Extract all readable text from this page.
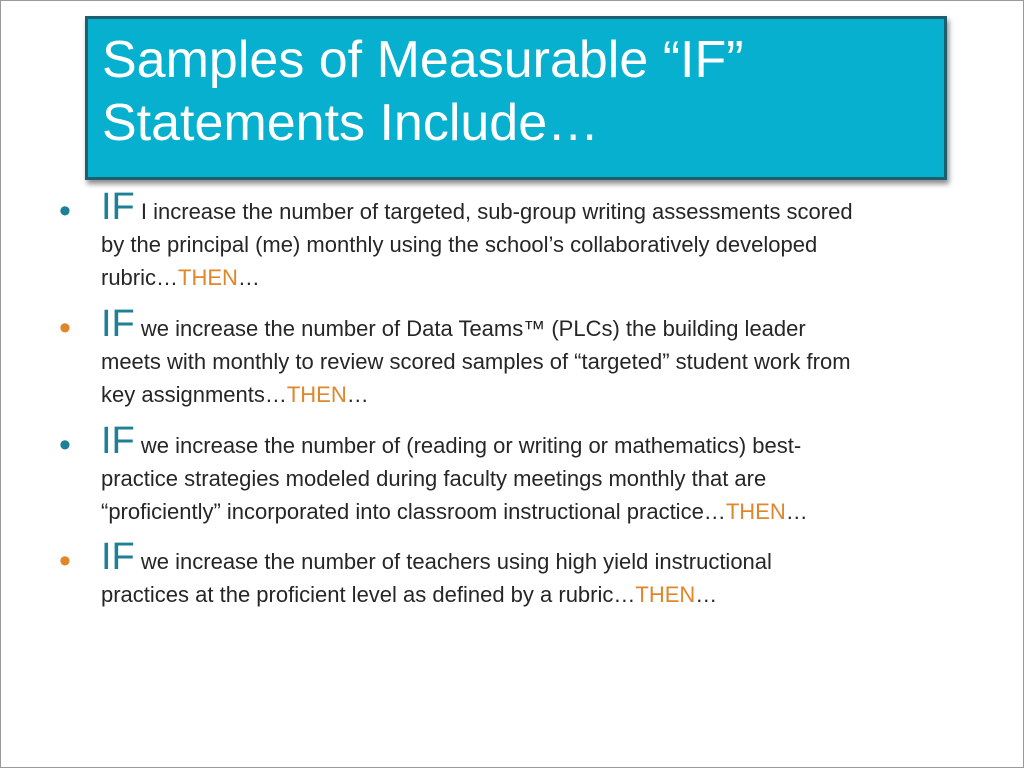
Samples of Measurable “IF”
Statements Include…
• IF I increase the number of targeted, sub-group writing assessments scored
by the principal (me) monthly using the school’s collaboratively developed
rubric…THEN…
• IF we increase the number of Data Teams™ (PLCs) the building leader
meets with monthly to review scored samples of “targeted” student work from
key assignments…THEN…
• IF we increase the number of (reading or writing or mathematics) best-
practice strategies modeled during faculty meetings monthly that are
“proficiently” incorporated into classroom instructional practice…THEN…
• IF we increase the number of teachers using high yield instructional
practices at the proficient level as defined by a rubric…THEN…
